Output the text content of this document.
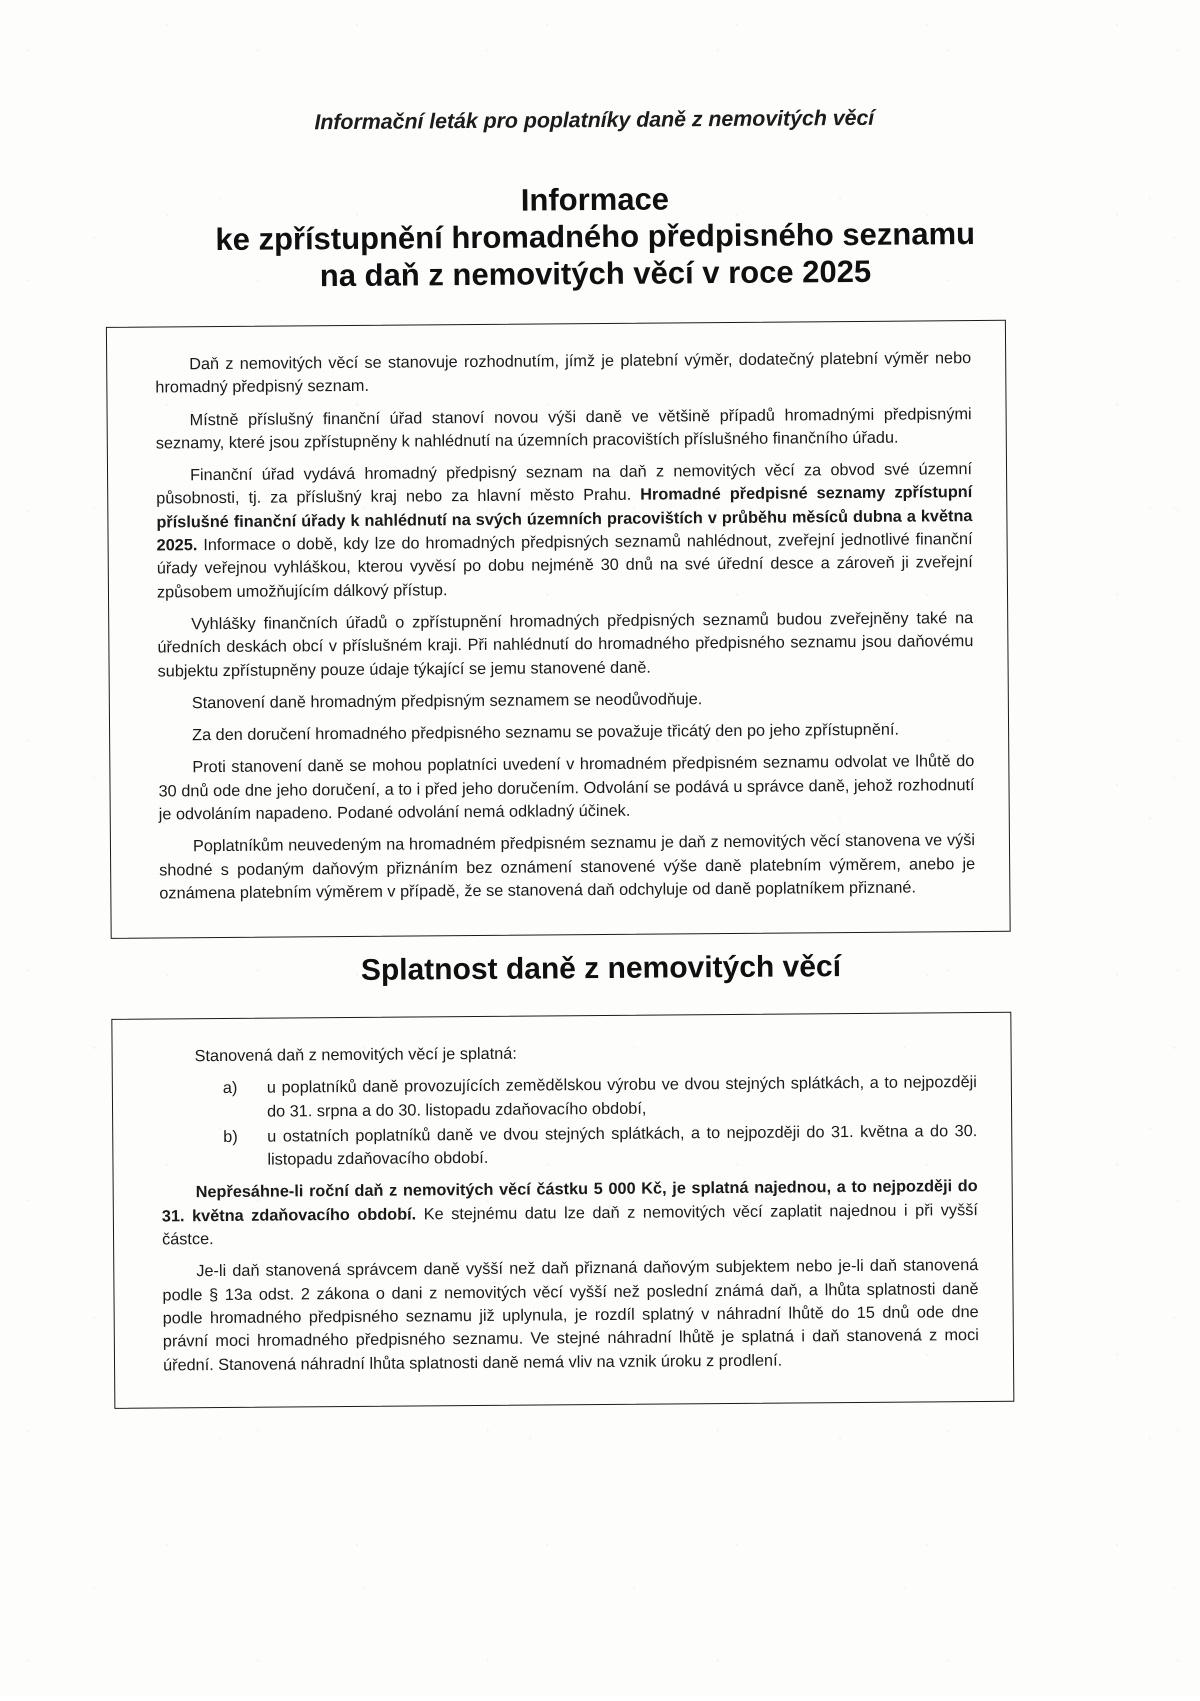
Informační leták pro poplatníky daně z nemovitých věcí
Informace
ke zpřístupnění hromadného předpisného seznamu
na daň z nemovitých věcí v roce 2025

Daň z nemovitých věcí se stanovuje rozhodnutím, jímž je platební výměr, dodatečný platební výměr nebo hromadný předpisný seznam.

Místně příslušný finanční úřad stanoví novou výši daně ve většině případů hromadnými předpisnými seznamy, které jsou zpřístupněny k nahlédnutí na územních pracovištích příslušného finančního úřadu.

Finanční úřad vydává hromadný předpisný seznam na daň z nemovitých věcí za obvod své územní působnosti, tj. za příslušný kraj nebo za hlavní město Prahu. Hromadné předpisné seznamy zpřístupní příslušné finanční úřady k nahlédnutí na svých územních pracovištích v průběhu měsíců dubna a května 2025. Informace o době, kdy lze do hromadných předpisných seznamů nahlédnout, zveřejní jednotlivé finanční úřady veřejnou vyhláškou, kterou vyvěsí po dobu nejméně 30 dnů na své úřední desce a zároveň ji zveřejní způsobem umožňujícím dálkový přístup.

Vyhlášky finančních úřadů o zpřístupnění hromadných předpisných seznamů budou zveřejněny také na úředních deskách obcí v příslušném kraji. Při nahlédnutí do hromadného předpisného seznamu jsou daňovému subjektu zpřístupněny pouze údaje týkající se jemu stanovené daně.

Stanovení daně hromadným předpisným seznamem se neodůvodňuje.

Za den doručení hromadného předpisného seznamu se považuje třicátý den po jeho zpřístupnění.

Proti stanovení daně se mohou poplatníci uvedení v hromadném předpisném seznamu odvolat ve lhůtě do 30 dnů ode dne jeho doručení, a to i před jeho doručením. Odvolání se podává u správce daně, jehož rozhodnutí je odvoláním napadeno. Podané odvolání nemá odkladný účinek.

Poplatníkům neuvedeným na hromadném předpisném seznamu je daň z nemovitých věcí stanovena ve výši shodné s podaným daňovým přiznáním bez oznámení stanovené výše daně platebním výměrem, anebo je oznámena platebním výměrem v případě, že se stanovená daň odchyluje od daně poplatníkem přiznané.

Splatnost daně z nemovitých věcí

Stanovená daň z nemovitých věcí je splatná:

a)	u poplatníků daně provozujících zemědělskou výrobu ve dvou stejných splátkách, a to nejpozději do 31. srpna a do 30. listopadu zdaňovacího období,
b)	u ostatních poplatníků daně ve dvou stejných splátkách, a to nejpozději do 31. května a do 30. listopadu zdaňovacího období.

Nepřesáhne-li roční daň z nemovitých věcí částku 5 000 Kč, je splatná najednou, a to nejpozději do 31. května zdaňovacího období. Ke stejnému datu lze daň z nemovitých věcí zaplatit najednou i při vyšší částce.

Je-li daň stanovená správcem daně vyšší než daň přiznaná daňovým subjektem nebo je-li daň stanovená podle § 13a odst. 2 zákona o dani z nemovitých věcí vyšší než poslední známá daň, a lhůta splatnosti daně podle hromadného předpisného seznamu již uplynula, je rozdíl splatný v náhradní lhůtě do 15 dnů ode dne právní moci hromadného předpisného seznamu. Ve stejné náhradní lhůtě je splatná i daň stanovená z moci úřední. Stanovená náhradní lhůta splatnosti daně nemá vliv na vznik úroku z prodlení.
